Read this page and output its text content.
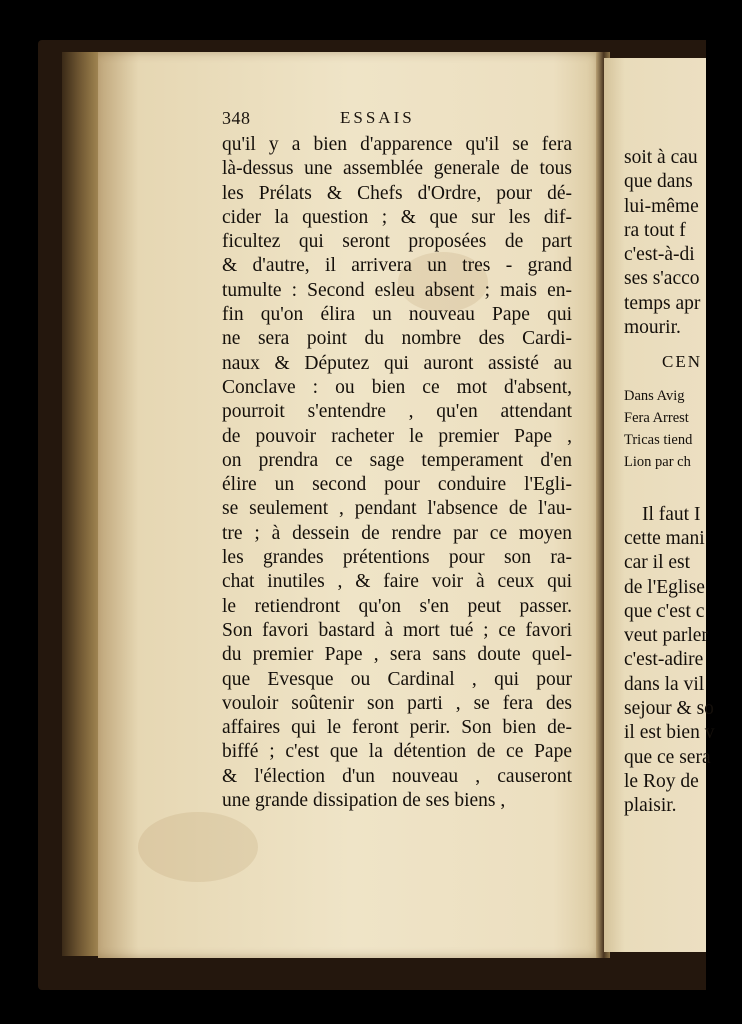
348	ESSAIS
qu'il y a bien d'apparence qu'il se fera
là-dessus une assemblée generale de tous
les Prélats & Chefs d'Ordre, pour dé-
cider la question ; & que sur les dif-
ficultez qui seront proposées de part
& d'autre, il arrivera un tres - grand
tumulte : Second esleu absent ; mais en-
fin qu'on élira un nouveau Pape qui
ne sera point du nombre des Cardi-
naux & Députez qui auront assisté au
Conclave : ou bien ce mot d'absent,
pourroit s'entendre , qu'en attendant
de pouvoir racheter le premier Pape ,
on prendra ce sage temperament d'en
élire un second pour conduire l'Egli-
se seulement , pendant l'absence de l'au-
tre ; à dessein de rendre par ce moyen
les grandes prétentions pour son ra-
chat inutiles , & faire voir à ceux qui
le retiendront qu'on s'en peut passer.
Son favori bastard à mort tué ; ce favori
du premier Pape , sera sans doute quel-
que Evesque ou Cardinal , qui pour
vouloir soûtenir son parti , se fera des
affaires qui le feront perir. Son bien de-
biffé ; c'est que la détention de ce Pape
& l'élection d'un nouveau , causeront
une grande dissipation de ses biens ,
soit à cau
que dans
lui-même
ra tout f
c'est-à-di
ses s'acco
temps apr
mourir.
CEN
Dans Avig
Fera Arrest
Tricas tiend
Lion par ch
Il faut I
cette mani
car il est
de l'Eglise
que c'est c
veut parler
c'est-adire
dans la vil
sejour & so
il est bien v
que ce sera
le Roy de
plaisir.
